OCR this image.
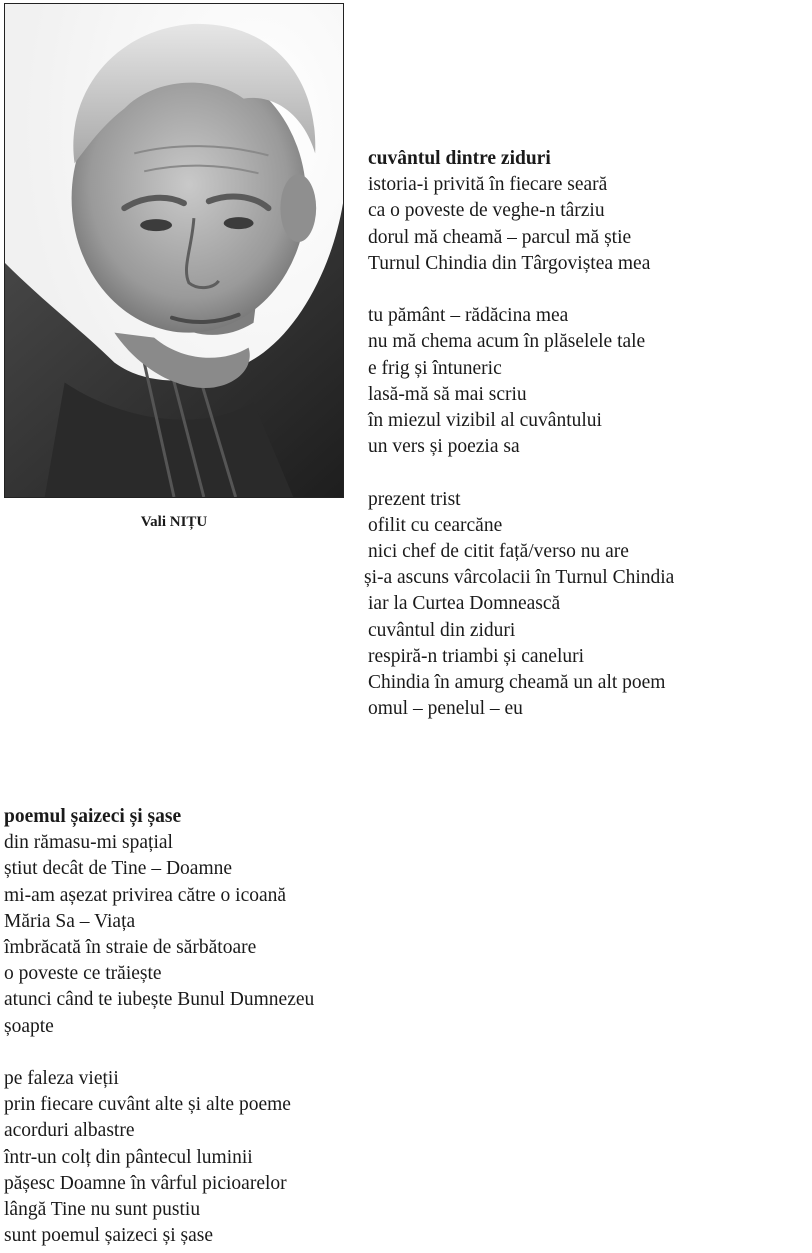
Vali NIȚU
cuvântul dintre ziduri
istoria-i privită în fiecare seară
ca o poveste de veghe-n târziu
dorul mă cheamă – parcul mă știe
Turnul Chindia din Târgoviștea mea
tu pământ – rădăcina mea
nu mă chema acum în plăselele tale
e frig și întuneric
lasă-mă să mai scriu
în miezul vizibil al cuvântului
un vers și poezia sa
prezent trist
ofilit cu cearcăne
nici chef de citit față/verso nu are
și-a ascuns vârcolacii în Turnul Chindia
iar la Curtea Domnească
cuvântul din ziduri
respiră-n triambi și caneluri
Chindia în amurg cheamă un alt poem
omul – penelul – eu
poemul șaizeci și șase
din rămasu-mi spațial
știut decât de Tine – Doamne
mi-am așezat privirea către o icoană
Măria Sa – Viața
îmbrăcată în straie de sărbătoare
o poveste ce trăiește
atunci când te iubește Bunul Dumnezeu
șoapte
pe faleza vieții
prin fiecare cuvânt alte și alte poeme
acorduri albastre
într-un colț din pântecul luminii
pășesc Doamne în vârful picioarelor
lângă Tine nu sunt pustiu
sunt poemul șaizeci și șase
